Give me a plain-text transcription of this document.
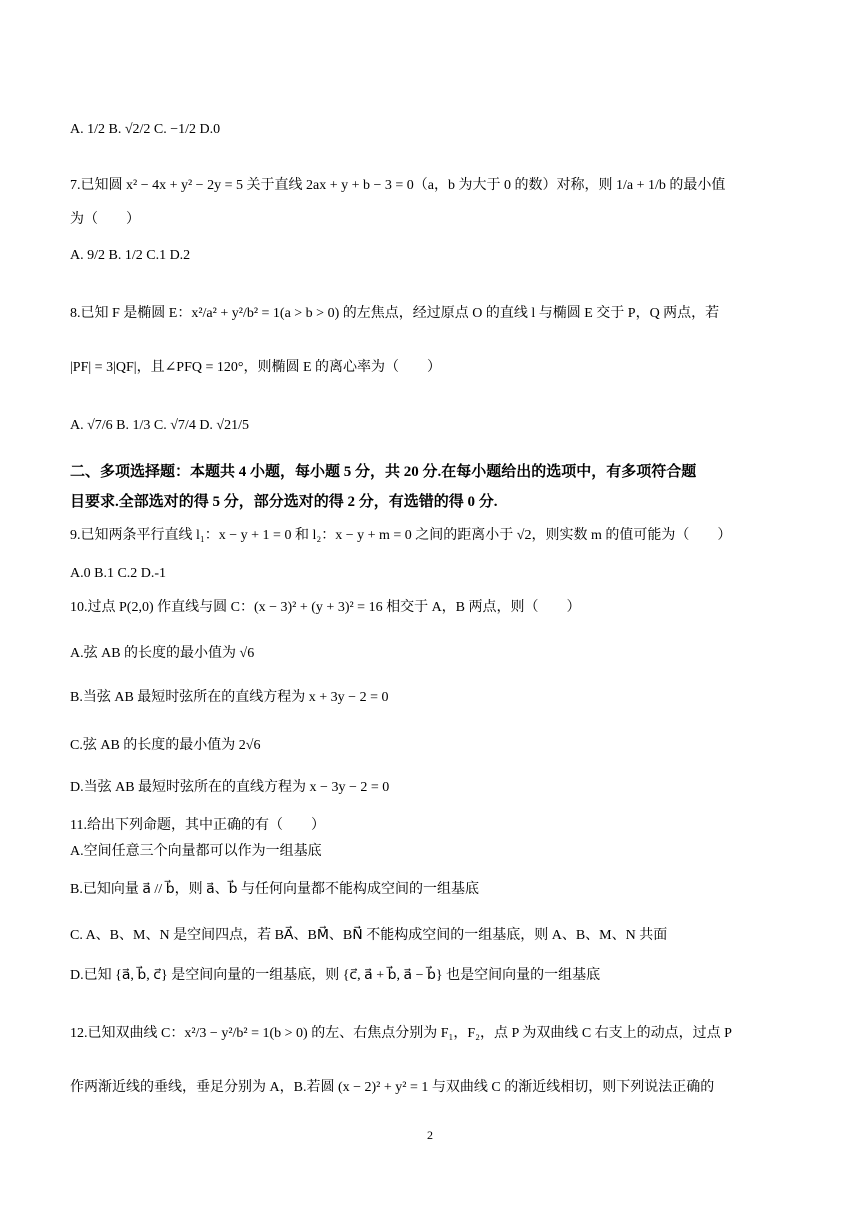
A. 1/2 B. √2/2 C. −1/2 D.0
7.已知圆 x² − 4x + y² − 2y = 5 关于直线 2ax + y + b − 3 = 0（a，b 为大于 0 的数）对称，则 1/a + 1/b 的最小值
为（　　）
A. 9/2 B. 1/2 C.1 D.2
8.已知 F 是椭圆 E：x²/a² + y²/b² = 1(a > b > 0) 的左焦点，经过原点 O 的直线 l 与椭圆 E 交于 P，Q 两点，若
|PF| = 3|QF|，且∠PFQ = 120°，则椭圆 E 的离心率为（　　）
A. √7/6 B. 1/3 C. √7/4 D. √21/5
二、多项选择题：本题共 4 小题，每小题 5 分，共 20 分.在每小题给出的选项中，有多项符合题
目要求.全部选对的得 5 分，部分选对的得 2 分，有选错的得 0 分.
9.已知两条平行直线 l₁：x − y + 1 = 0 和 l₂：x − y + m = 0 之间的距离小于 √2，则实数 m 的值可能为（　　）
A.0 B.1 C.2 D.-1
10.过点 P(2,0) 作直线与圆 C：(x − 3)² + (y + 3)² = 16 相交于 A，B 两点，则（　　）
A.弦 AB 的长度的最小值为 √6
B.当弦 AB 最短时弦所在的直线方程为 x + 3y − 2 = 0
C.弦 AB 的长度的最小值为 2√6
D.当弦 AB 最短时弦所在的直线方程为 x − 3y − 2 = 0
11.给出下列命题，其中正确的有（　　）
A.空间任意三个向量都可以作为一组基底
B.已知向量 a⃗ // b⃗，则 a⃗、b⃗ 与任何向量都不能构成空间的一组基底
C. A、B、M、N 是空间四点，若 BA⃗、BM⃗、BN⃗ 不能构成空间的一组基底，则 A、B、M、N 共面
D.已知 {a⃗, b⃗, c⃗} 是空间向量的一组基底，则 {c⃗, a⃗ + b⃗, a⃗ − b⃗} 也是空间向量的一组基底
12.已知双曲线 C：x²/3 − y²/b² = 1(b > 0) 的左、右焦点分别为 F₁，F₂，点 P 为双曲线 C 右支上的动点，过点 P
作两渐近线的垂线，垂足分别为 A，B.若圆 (x − 2)² + y² = 1 与双曲线 C 的渐近线相切，则下列说法正确的
2
